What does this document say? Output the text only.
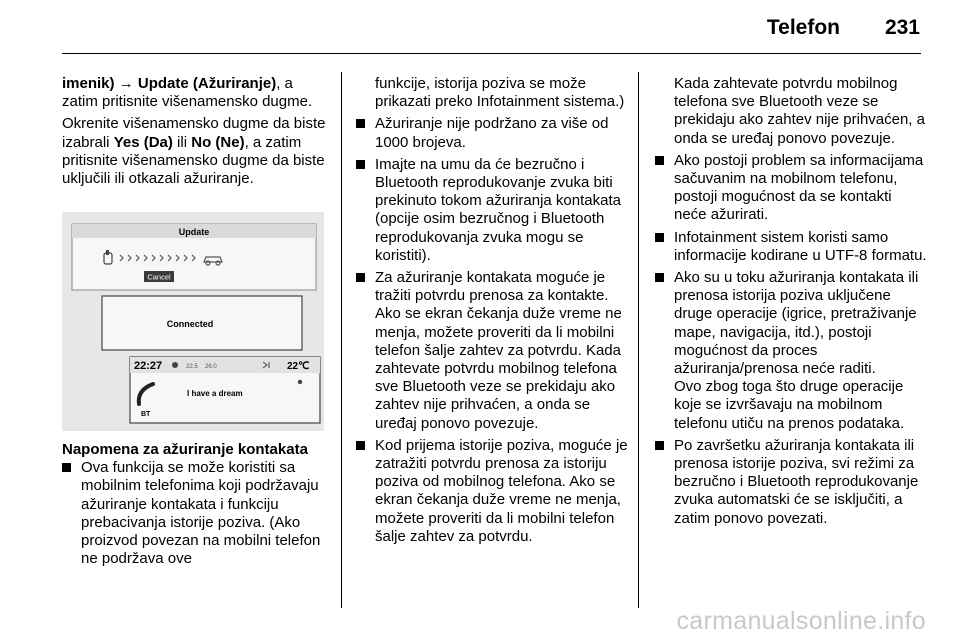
Telefon 231

imenik) → Update (Ažuriranje), a zatim pritisnite višenamensko dugme.

Okrenite višenamensko dugme da biste izabrali Yes (Da) ili No (Ne), a zatim pritisnite višenamensko dugme da biste uključili ili otkazali ažuriranje.

Update
Cancel
Connected
22:27	22.5 26.0	22℃
BT
I have a dream

Napomena za ažuriranje kontakata

Ova funkcija se može koristiti sa mobilnim telefonima koji podržavaju ažuriranje kontakata i funkciju prebacivanja istorije poziva. (Ako proizvod povezan na mobilni telefon ne podržava ove

funkcije, istorija poziva se može prikazati preko Infotainment sistema.)

Ažuriranje nije podržano za više od 1000 brojeva.
Imajte na umu da će bezručno i Bluetooth reprodukovanje zvuka biti prekinuto tokom ažuriranja kontakata (opcije osim bezručnog i Bluetooth reprodukovanja zvuka mogu se koristiti).
Za ažuriranje kontakata moguće je tražiti potvrdu prenosa za kontakte. Ako se ekran čekanja duže vreme ne menja, možete proveriti da li mobilni telefon šalje zahtev za potvrdu. Kada zahtevate potvrdu mobilnog telefona sve Bluetooth veze se prekidaju ako zahtev nije prihvaćen, a onda se uređaj ponovo povezuje.
Kod prijema istorije poziva, moguće je zatražiti potvrdu prenosa za istoriju poziva od mobilnog telefona. Ako se ekran čekanja duže vreme ne menja, možete proveriti da li mobilni telefon šalje zahtev za potvrdu.

Kada zahtevate potvrdu mobilnog telefona sve Bluetooth veze se prekidaju ako zahtev nije prihvaćen, a onda se uređaj ponovo povezuje.

Ako postoji problem sa informacijama sačuvanim na mobilnom telefonu, postoji mogućnost da se kontakti neće ažurirati.
Infotainment sistem koristi samo informacije kodirane u UTF-8 formatu.
Ako su u toku ažuriranja kontakata ili prenosa istorija poziva uključene druge operacije (igrice, pretraživanje mape, navigacija, itd.), postoji mogućnost da proces ažuriranja/prenosa neće raditi.

Ovo zbog toga što druge operacije koje se izvršavaju na mobilnom telefonu utiču na prenos podataka.

Po završetku ažuriranja kontakata ili prenosa istorije poziva, svi režimi za bezručno i Bluetooth reprodukovanje zvuka automatski će se isključiti, a zatim ponovo povezati.
carmanualsonline.info
